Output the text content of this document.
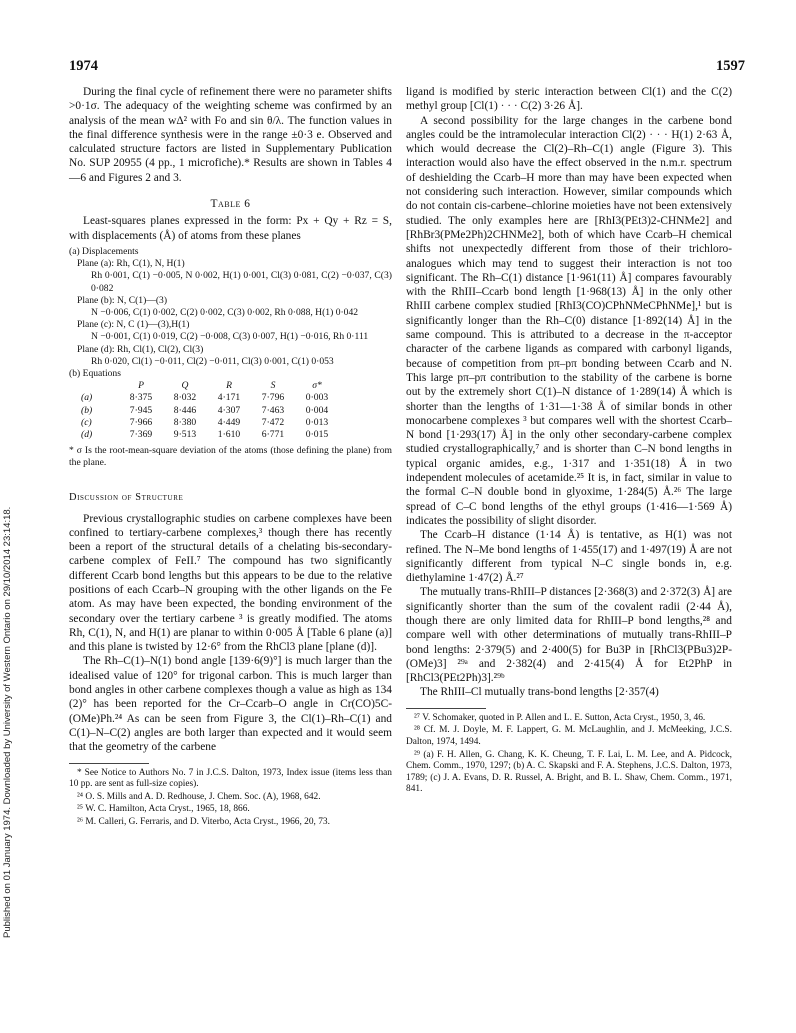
Published on 01 January 1974. Downloaded by University of Western Ontario on 29/10/2014 23:14:18.
1974	1597

During the final cycle of refinement there were no parameter shifts >0·1σ. The adequacy of the weighting scheme was confirmed by an analysis of the mean wΔ² with Fo and sin θ/λ. The function values in the final difference synthesis were in the range ±0·3 e. Observed and calculated structure factors are listed in Supplementary Publication No. SUP 20955 (4 pp., 1 microfiche).* Results are shown in Tables 4—6 and Figures 2 and 3.

Table 6

Least-squares planes expressed in the form: Px + Qy + Rz = S, with displacements (Å) of atoms from these planes

(a) Displacements
Plane (a): Rh, C(1), N, H(1)
Rh 0·001, C(1) −0·005, N 0·002, H(1) 0·001, Cl(3) 0·081, C(2) −0·037, C(3) 0·082
Plane (b): N, C(1)—(3)
N −0·006, C(1) 0·002, C(2) 0·002, C(3) 0·002, Rh 0·088, H(1) 0·042
Plane (c): N, C (1)—(3),H(1)
N −0·001, C(1) 0·019, C(2) −0·008, C(3) 0·007, H(1) −0·016, Rh 0·111
Plane (d): Rh, Cl(1), Cl(2), Cl(3)
Rh 0·020, Cl(1) −0·011, Cl(2) −0·011, Cl(3) 0·001, C(1) 0·053
(b) Equations
	P	Q	R	S	σ*
(a)	8·375	8·032	4·171	7·796	0·003
(b)	7·945	8·446	4·307	7·463	0·004
(c)	7·966	8·380	4·449	7·472	0·013
(d)	7·369	9·513	1·610	6·771	0·015
* σ Is the root-mean-square deviation of the atoms (those defining the plane) from the plane.
Discussion of Structure

Previous crystallographic studies on carbene complexes have been confined to tertiary-carbene complexes,³ though there has recently been a report of the structural details of a chelating bis-secondary-carbene complex of FeII.⁷ The compound has two significantly different Ccarb bond lengths but this appears to be due to the relative positions of each Ccarb–N grouping with the other ligands on the Fe atom. As may have been expected, the bonding environment of the secondary over the tertiary carbene ³ is greatly modified. The atoms Rh, C(1), N, and H(1) are planar to within 0·005 Å [Table 6 plane (a)] and this plane is twisted by 12·6° from the RhCl3 plane [plane (d)].

The Rh–C(1)–N(1) bond angle [139·6(9)°] is much larger than the idealised value of 120° for trigonal carbon. This is much larger than bond angles in other carbene complexes though a value as high as 134 (2)° has been reported for the Cr–Ccarb–O angle in Cr(CO)5C-(OMe)Ph.²⁴ As can be seen from Figure 3, the Cl(1)–Rh–C(1) and C(1)–N–C(2) angles are both larger than expected and it would seem that the geometry of the carbene

* See Notice to Authors No. 7 in J.C.S. Dalton, 1973, Index issue (items less than 10 pp. are sent as full-size copies).

²⁴ O. S. Mills and A. D. Redhouse, J. Chem. Soc. (A), 1968, 642.

²⁵ W. C. Hamilton, Acta Cryst., 1965, 18, 866.

²⁶ M. Calleri, G. Ferraris, and D. Viterbo, Acta Cryst., 1966, 20, 73.

ligand is modified by steric interaction between Cl(1) and the C(2) methyl group [Cl(1) · · · C(2) 3·26 Å].

A second possibility for the large changes in the carbene bond angles could be the intramolecular interaction Cl(2) · · · H(1) 2·63 Å, which would decrease the Cl(2)–Rh–C(1) angle (Figure 3). This interaction would also have the effect observed in the n.m.r. spectrum of deshielding the Ccarb–H more than may have been expected when not considering such interaction. However, similar compounds which do not contain cis-carbene–chlorine moieties have not been extensively studied. The only examples here are [RhI3(PEt3)2-CHNMe2] and [RhBr3(PMe2Ph)2CHNMe2], both of which have Ccarb–H chemical shifts not unexpectedly different from those of their trichloro-analogues which may tend to suggest their interaction is not too significant. The Rh–C(1) distance [1·961(11) Å] compares favourably with the RhIII–Ccarb bond length [1·968(13) Å] in the only other RhIII carbene complex studied [RhI3(CO)CPhNMeCPhNMe],¹ but is significantly longer than the Rh–C(0) distance [1·892(14) Å] in the same compound. This is attributed to a decrease in the π-acceptor character of the carbene ligands as compared with carbonyl ligands, because of competition from pπ–pπ bonding between Ccarb and N. This large pπ–pπ contribution to the stability of the carbene is borne out by the extremely short C(1)–N distance of 1·289(14) Å which is shorter than the lengths of 1·31—1·38 Å of similar bonds in other monocarbene complexes ³ but compares well with the shortest Ccarb–N bond [1·293(17) Å] in the only other secondary-carbene complex studied crystallographically,⁷ and is shorter than C–N bond lengths in typical organic amides, e.g., 1·317 and 1·351(18) Å in two independent molecules of acetamide.²⁵ It is, in fact, similar in value to the formal C–N double bond in glyoxime, 1·284(5) Å.²⁶ The large spread of C–C bond lengths of the ethyl groups (1·416—1·569 Å) indicates the possibility of slight disorder.

The Ccarb–H distance (1·14 Å) is tentative, as H(1) was not refined. The N–Me bond lengths of 1·455(17) and 1·497(19) Å are not significantly different from typical N–C single bonds in, e.g. diethylamine 1·47(2) Å.²⁷

The mutually trans-RhIII–P distances [2·368(3) and 2·372(3) Å] are significantly shorter than the sum of the covalent radii (2·44 Å), though there are only limited data for RhIII–P bond lengths,²⁸ and compare well with other determinations of mutually trans-RhIII–P bond lengths: 2·379(5) and 2·400(5) for Bu3P in [RhCl3(PBu3)2P-(OMe)3] ²⁹ᵃ and 2·382(4) and 2·415(4) Å for Et2PhP in [RhCl3(PEt2Ph)3].²⁹ᵇ

The RhIII–Cl mutually trans-bond lengths [2·357(4)

²⁷ V. Schomaker, quoted in P. Allen and L. E. Sutton, Acta Cryst., 1950, 3, 46.

²⁸ Cf. M. J. Doyle, M. F. Lappert, G. M. McLaughlin, and J. McMeeking, J.C.S. Dalton, 1974, 1494.

²⁹ (a) F. H. Allen, G. Chang, K. K. Cheung, T. F. Lai, L. M. Lee, and A. Pidcock, Chem. Comm., 1970, 1297; (b) A. C. Skapski and F. A. Stephens, J.C.S. Dalton, 1973, 1789; (c) J. A. Evans, D. R. Russel, A. Bright, and B. L. Shaw, Chem. Comm., 1971, 841.
